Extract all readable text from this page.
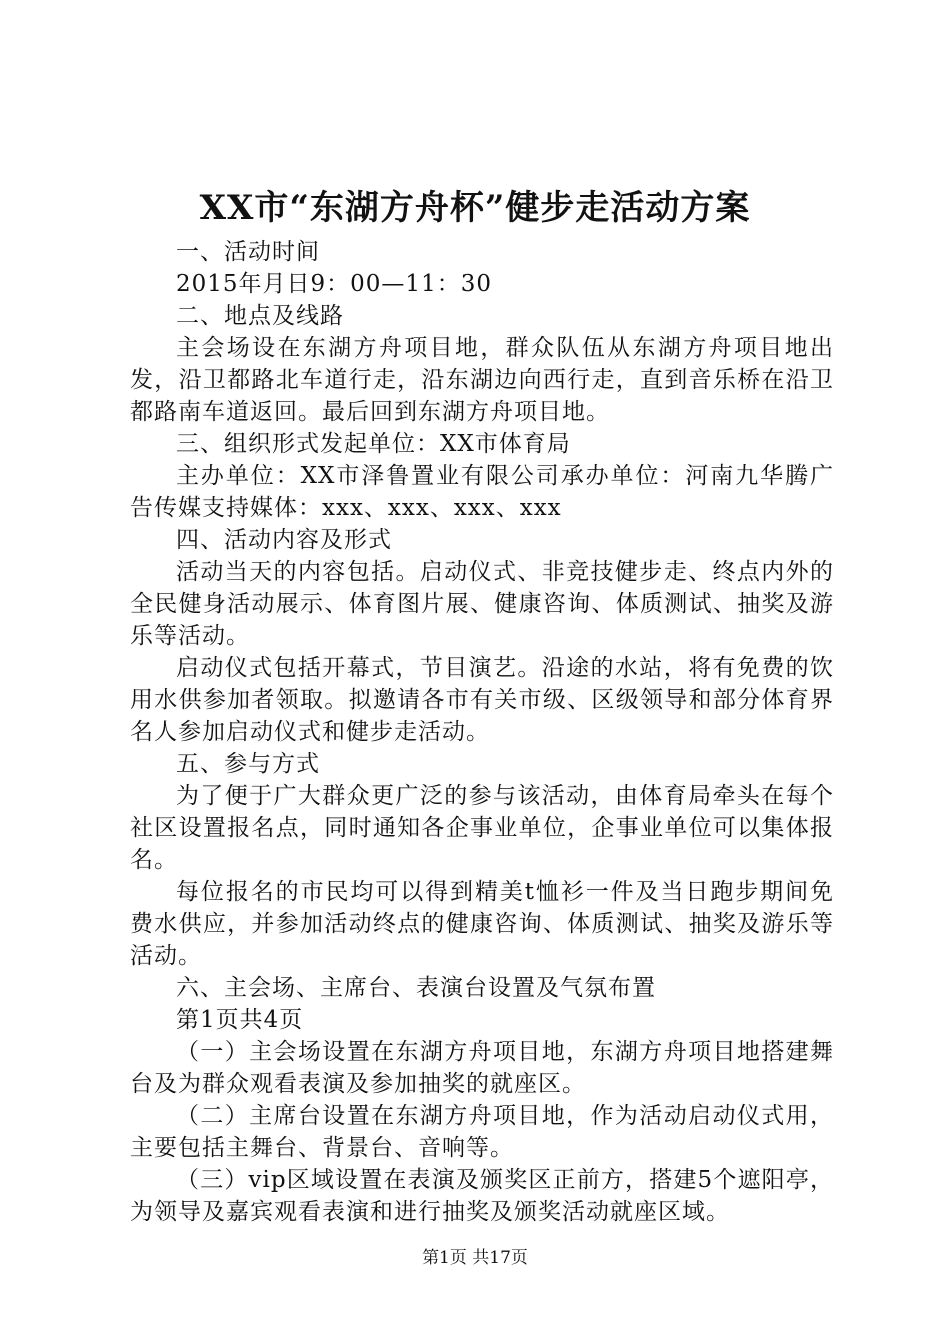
XX市“东湖方舟杯”健步走活动方案

一、活动时间

2015年月日9：00—11：30

二、地点及线路

主会场设在东湖方舟项目地，群众队伍从东湖方舟项目地出发，沿卫都路北车道行走，沿东湖边向西行走，直到音乐桥在沿卫都路南车道返回。最后回到东湖方舟项目地。

三、组织形式发起单位：XX市体育局

主办单位：XX市泽鲁置业有限公司承办单位：河南九华腾广告传媒支持媒体：xxx、xxx、xxx、xxx

四、活动内容及形式

活动当天的内容包括。启动仪式、非竞技健步走、终点内外的全民健身活动展示、体育图片展、健康咨询、体质测试、抽奖及游乐等活动。

启动仪式包括开幕式，节目演艺。沿途的水站，将有免费的饮用水供参加者领取。拟邀请各市有关市级、区级领导和部分体育界名人参加启动仪式和健步走活动。

五、参与方式

为了便于广大群众更广泛的参与该活动，由体育局牵头在每个社区设置报名点，同时通知各企事业单位，企事业单位可以集体报名。

每位报名的市民均可以得到精美t恤衫一件及当日跑步期间免费水供应，并参加活动终点的健康咨询、体质测试、抽奖及游乐等活动。

六、主会场、主席台、表演台设置及气氛布置

第1页共4页

（一）主会场设置在东湖方舟项目地，东湖方舟项目地搭建舞台及为群众观看表演及参加抽奖的就座区。

（二）主席台设置在东湖方舟项目地，作为活动启动仪式用，主要包括主舞台、背景台、音响等。

（三）vip区域设置在表演及颁奖区正前方，搭建5个遮阳亭，为领导及嘉宾观看表演和进行抽奖及颁奖活动就座区域。

第1页 共17页
